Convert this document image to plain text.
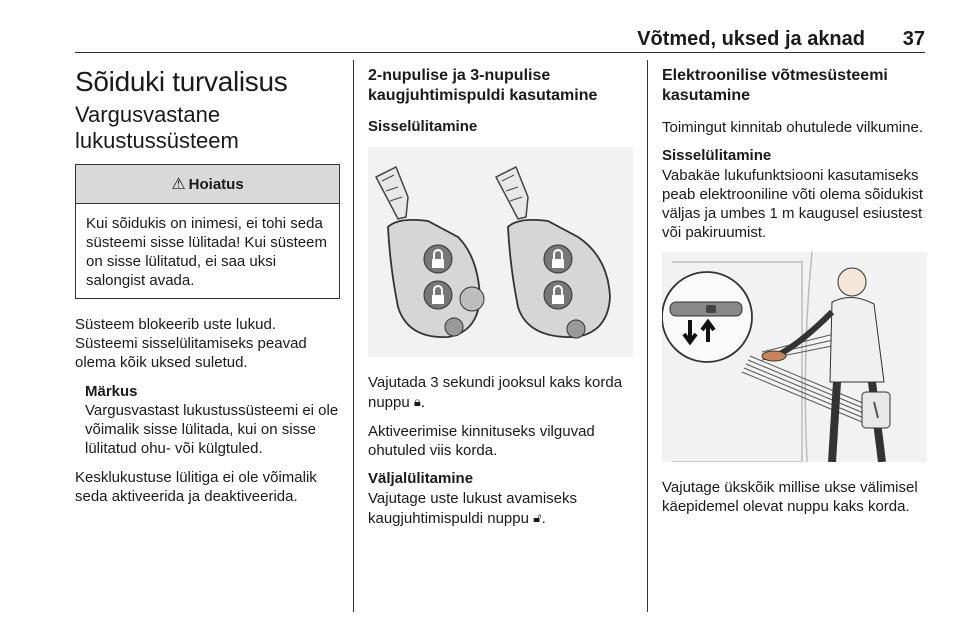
Võtmed, uksed ja aknad 37
Sõiduki turvalisus
Vargusvastane lukustussüsteem
⚠ Hoiatus
Kui sõidukis on inimesi, ei tohi seda süsteemi sisse lülitada! Kui süsteem on sisse lülitatud, ei saa uksi salongist avada.

Süsteem blokeerib uste lukud. Süsteemi sisselülitamiseks peavad olema kõik uksed suletud.

Märkus

Vargusvastast lukustussüsteemi ei ole võimalik sisse lülitada, kui on sisse lülitatud ohu- või külgtuled.

Kesklukustuse lülitiga ei ole võimalik seda aktiveerida ja deaktiveerida.

2-nupulise ja 3-nupulise kaugjuhtimispuldi kasutamine
Sisselülitamine

Vajutada 3 sekundi jooksul kaks korda nuppu 🔒︎.

Aktiveerimise kinnituseks vilguvad ohutuled viis korda.

Väljalülitamine

Vajutage uste lukust avamiseks kaugjuhtimispuldi nuppu 🔓︎.

Elektroonilise võtmesüsteemi kasutamine

Toimingut kinnitab ohutulede vilkumine.

Sisselülitamine

Vabakäe lukufunktsiooni kasutamiseks peab elektrooniline võti olema sõidukist väljas ja umbes 1 m kaugusel esiustest või pakiruumist.

Vajutage ükskõik millise ukse välimisel käepidemel olevat nuppu kaks korda.
